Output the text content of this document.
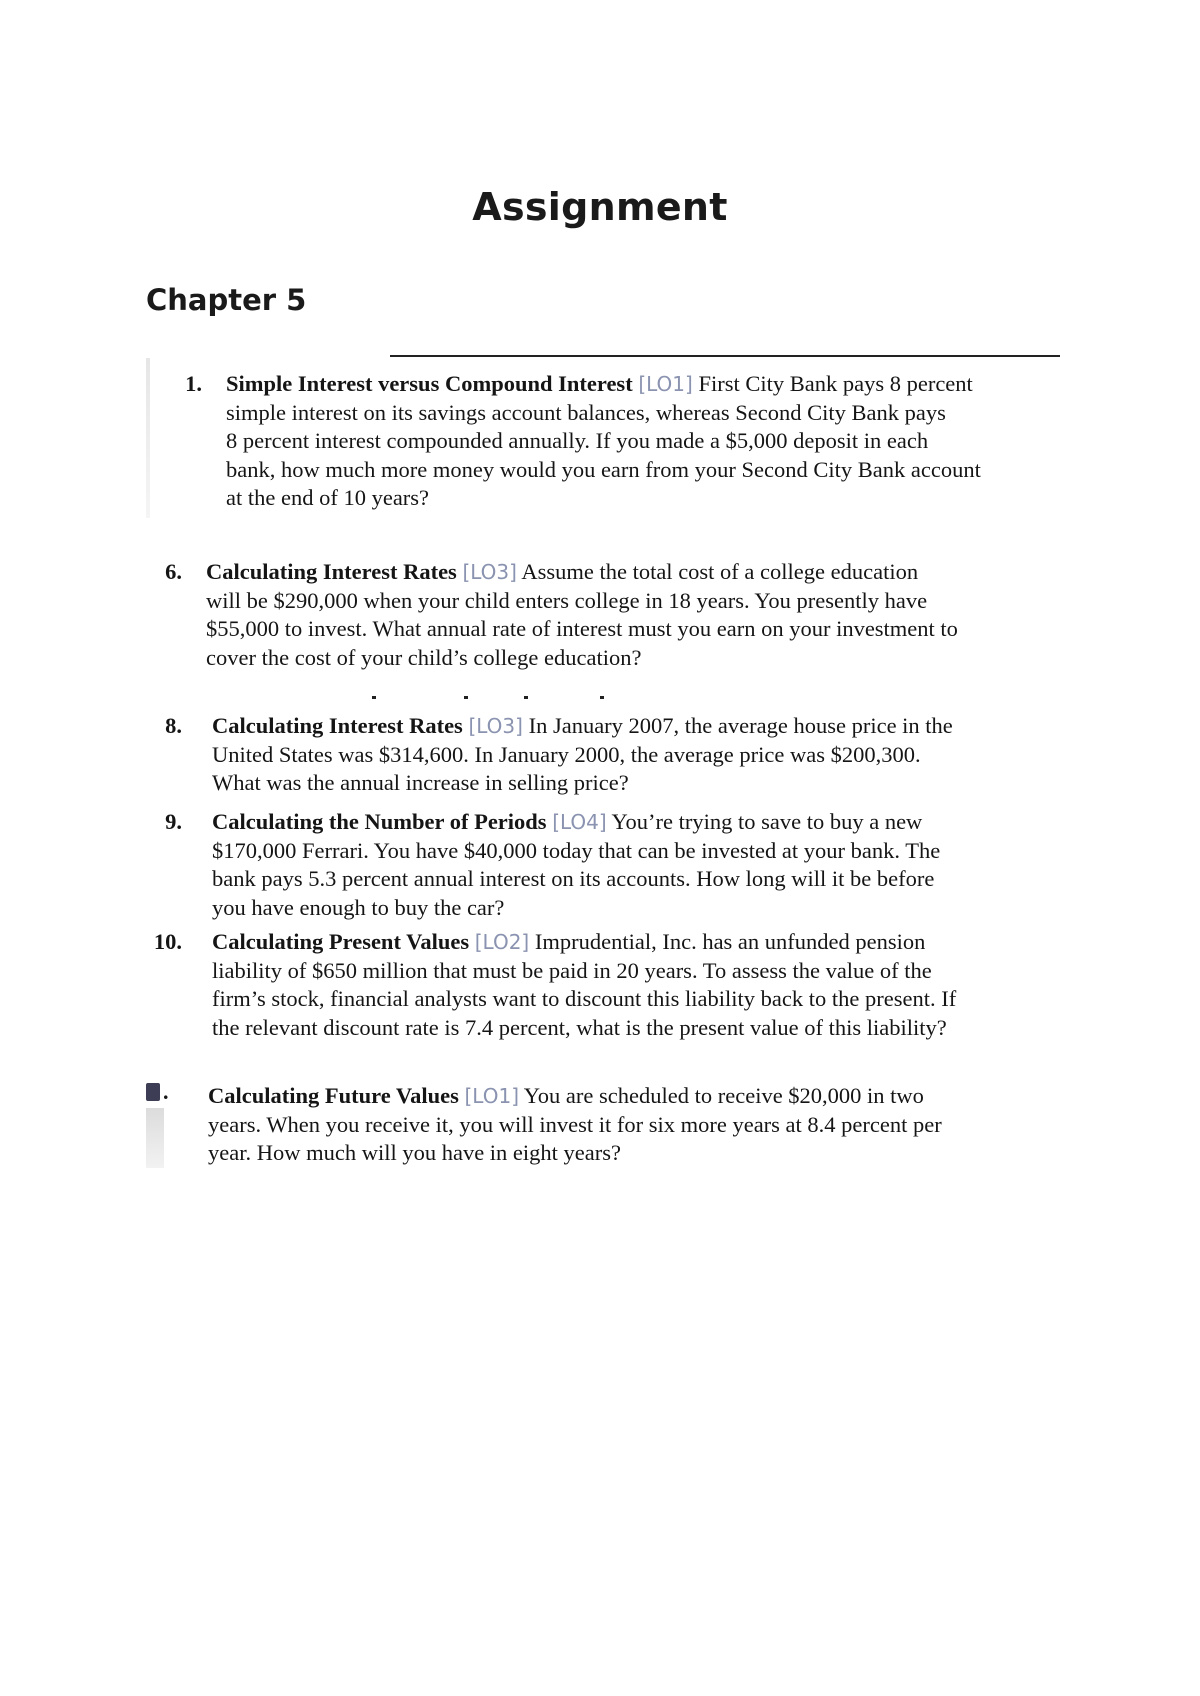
Assignment
Chapter 5
1. Simple Interest versus Compound Interest [LO1] First City Bank pays 8 percent
simple interest on its savings account balances, whereas Second City Bank pays
8 percent interest compounded annually. If you made a $5,000 deposit in each
bank, how much more money would you earn from your Second City Bank account
at the end of 10 years?
6. Calculating Interest Rates [LO3] Assume the total cost of a college education
will be $290,000 when your child enters college in 18 years. You presently have
$55,000 to invest. What annual rate of interest must you earn on your investment to
cover the cost of your child’s college education?
8. Calculating Interest Rates [LO3] In January 2007, the average house price in the
United States was $314,600. In January 2000, the average price was $200,300.
What was the annual increase in selling price?
9. Calculating the Number of Periods [LO4] You’re trying to save to buy a new
$170,000 Ferrari. You have $40,000 today that can be invested at your bank. The
bank pays 5.3 percent annual interest on its accounts. How long will it be before
you have enough to buy the car?
10. Calculating Present Values [LO2] Imprudential, Inc. has an unfunded pension
liability of $650 million that must be paid in 20 years. To assess the value of the
firm’s stock, financial analysts want to discount this liability back to the present. If
the relevant discount rate is 7.4 percent, what is the present value of this liability?
. Calculating Future Values [LO1] You are scheduled to receive $20,000 in two
years. When you receive it, you will invest it for six more years at 8.4 percent per
year. How much will you have in eight years?
